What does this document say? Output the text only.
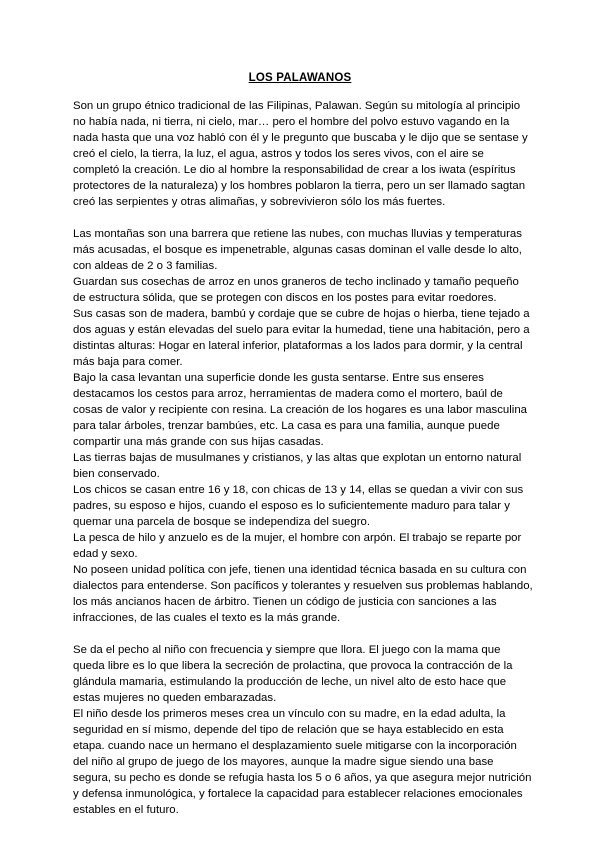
LOS PALAWANOS

Son un grupo étnico tradicional de las Filipinas, Palawan. Según su mitología al principio no había nada, ni tierra, ni cielo, mar… pero el hombre del polvo estuvo vagando en la nada hasta que una voz habló con él y le pregunto que buscaba y le dijo que se sentase y creó el cielo, la tierra, la luz, el agua, astros y todos los seres vivos, con el aire se completó la creación. Le dio al hombre la responsabilidad de crear a los iwata (espíritus protectores de la naturaleza) y los hombres poblaron la tierra, pero un ser llamado sagtan creó las serpientes y otras alimañas, y sobrevivieron sólo los más fuertes.

Las montañas son una barrera que retiene las nubes, con muchas lluvias y temperaturas más acusadas, el bosque es impenetrable, algunas casas dominan el valle desde lo alto, con aldeas de 2 o 3 familias.

Guardan sus cosechas de arroz en unos graneros de techo inclinado y tamaño pequeño de estructura sólida, que se protegen con discos en los postes para evitar roedores.

Sus casas son de madera, bambú y cordaje que se cubre de hojas o hierba, tiene tejado a dos aguas y están elevadas del suelo para evitar la humedad, tiene una habitación, pero a distintas alturas: Hogar en lateral inferior, plataformas a los lados para dormir, y la central más baja para comer.

Bajo la casa levantan una superficie donde les gusta sentarse. Entre sus enseres destacamos los cestos para arroz, herramientas de madera como el mortero, baúl de cosas de valor y recipiente con resina. La creación de los hogares es una labor masculina para talar árboles, trenzar bambúes, etc. La casa es para una familia, aunque puede compartir una más grande con sus hijas casadas.

Las tierras bajas de musulmanes y cristianos, y las altas que explotan un entorno natural bien conservado.

Los chicos se casan entre 16 y 18, con chicas de 13 y 14, ellas se quedan a vivir con sus padres, su esposo e hijos, cuando el esposo es lo suficientemente maduro para talar y quemar una parcela de bosque se independiza del suegro.

La pesca de hilo y anzuelo es de la mujer, el hombre con arpón. El trabajo se reparte por edad y sexo.

No poseen unidad política con jefe, tienen una identidad técnica basada en su cultura con dialectos para entenderse. Son pacíficos y tolerantes y resuelven sus problemas hablando, los más ancianos hacen de árbitro. Tienen un código de justicia con sanciones a las infracciones, de las cuales el texto es la más grande.

Se da el pecho al niño con frecuencia y siempre que llora. El juego con la mama que queda libre es lo que libera la secreción de prolactina, que provoca la contracción de la glándula mamaria, estimulando la producción de leche, un nivel alto de esto hace que estas mujeres no queden embarazadas.

El niño desde los primeros meses crea un vínculo con su madre, en la edad adulta, la seguridad en sí mismo, depende del tipo de relación que se haya establecido en esta etapa. cuando nace un hermano el desplazamiento suele mitigarse con la incorporación del niño al grupo de juego de los mayores, aunque la madre sigue siendo una base segura, su pecho es donde se refugia hasta los 5 o 6 años, ya que asegura mejor nutrición y defensa inmunológica, y fortalece la capacidad para establecer relaciones emocionales estables en el futuro.
